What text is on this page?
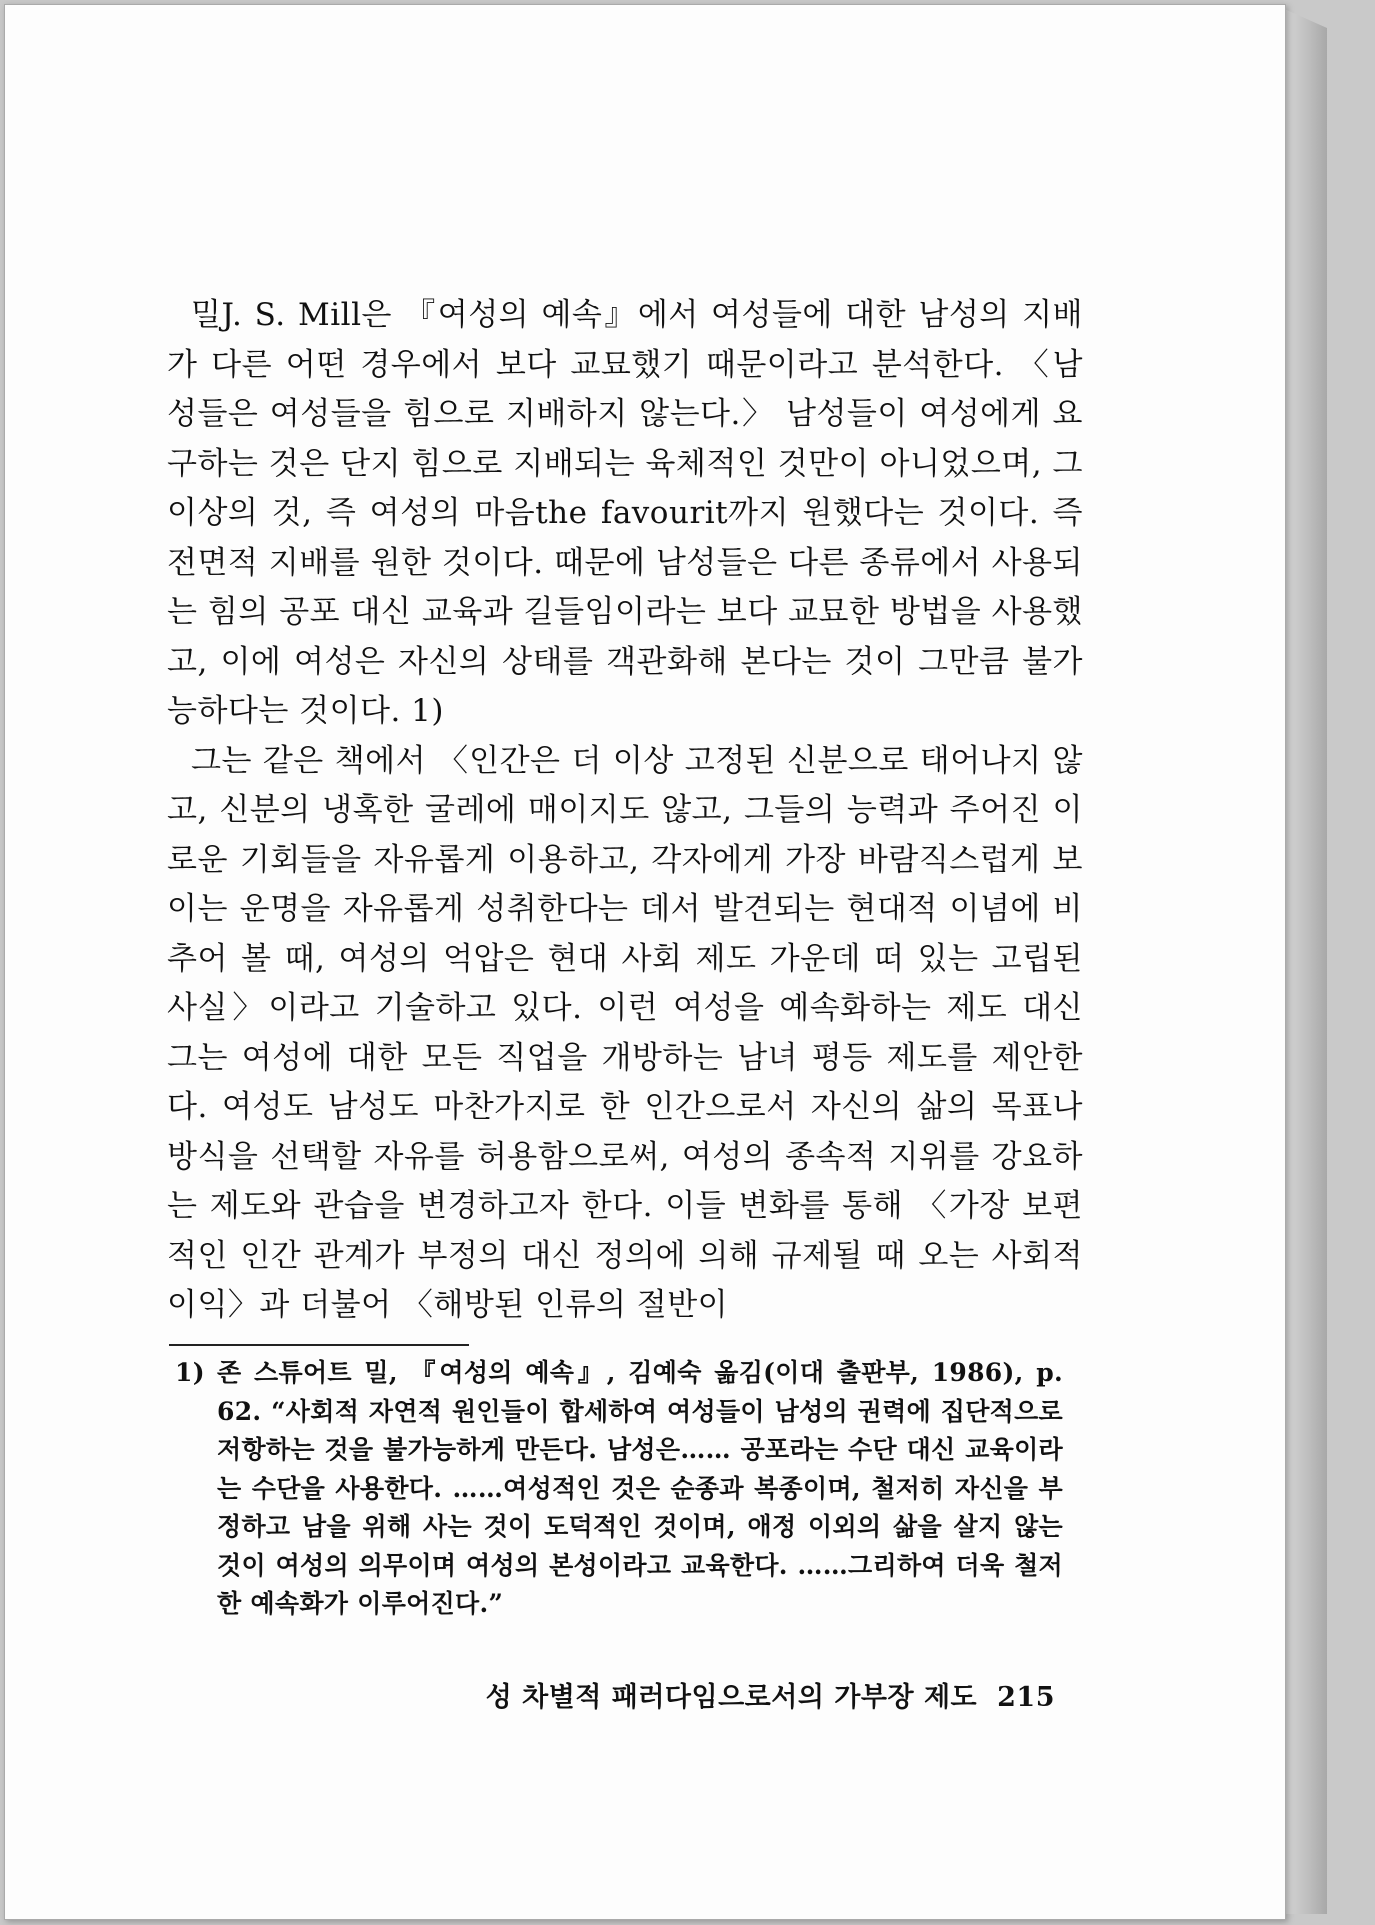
밀J. S. Mill은 『여성의 예속』에서 여성들에 대한 남성의 지배가 다른 어떤 경우에서 보다 교묘했기 때문이라고 분석한다. 〈남성들은 여성들을 힘으로 지배하지 않는다.〉 남성들이 여성에게 요구하는 것은 단지 힘으로 지배되는 육체적인 것만이 아니었으며, 그 이상의 것, 즉 여성의 마음the favourit까지 원했다는 것이다. 즉 전면적 지배를 원한 것이다. 때문에 남성들은 다른 종류에서 사용되는 힘의 공포 대신 교육과 길들임이라는 보다 교묘한 방법을 사용했고, 이에 여성은 자신의 상태를 객관화해 본다는 것이 그만큼 불가능하다는 것이다. 1)

그는 같은 책에서 〈인간은 더 이상 고정된 신분으로 태어나지 않고, 신분의 냉혹한 굴레에 매이지도 않고, 그들의 능력과 주어진 이로운 기회들을 자유롭게 이용하고, 각자에게 가장 바람직스럽게 보이는 운명을 자유롭게 성취한다는 데서 발견되는 현대적 이념에 비추어 볼 때, 여성의 억압은 현대 사회 제도 가운데 떠 있는 고립된 사실〉이라고 기술하고 있다. 이런 여성을 예속화하는 제도 대신 그는 여성에 대한 모든 직업을 개방하는 남녀 평등 제도를 제안한다. 여성도 남성도 마찬가지로 한 인간으로서 자신의 삶의 목표나 방식을 선택할 자유를 허용함으로써, 여성의 종속적 지위를 강요하는 제도와 관습을 변경하고자 한다. 이들 변화를 통해 〈가장 보편적인 인간 관계가 부정의 대신 정의에 의해 규제될 때 오는 사회적 이익〉과 더불어 〈해방된 인류의 절반이

1) 존 스튜어트 밀, 『여성의 예속』, 김예숙 옮김(이대 출판부, 1986), p. 62. “사회적 자연적 원인들이 합세하여 여성들이 남성의 권력에 집단적으로 저항하는 것을 불가능하게 만든다. 남성은…… 공포라는 수단 대신 교육이라는 수단을 사용한다. ……여성적인 것은 순종과 복종이며, 철저히 자신을 부정하고 남을 위해 사는 것이 도덕적인 것이며, 애정 이외의 삶을 살지 않는 것이 여성의 의무이며 여성의 본성이라고 교육한다. ……그리하여 더욱 철저한 예속화가 이루어진다.”
성 차별적 패러다임으로서의 가부장 제도 215
